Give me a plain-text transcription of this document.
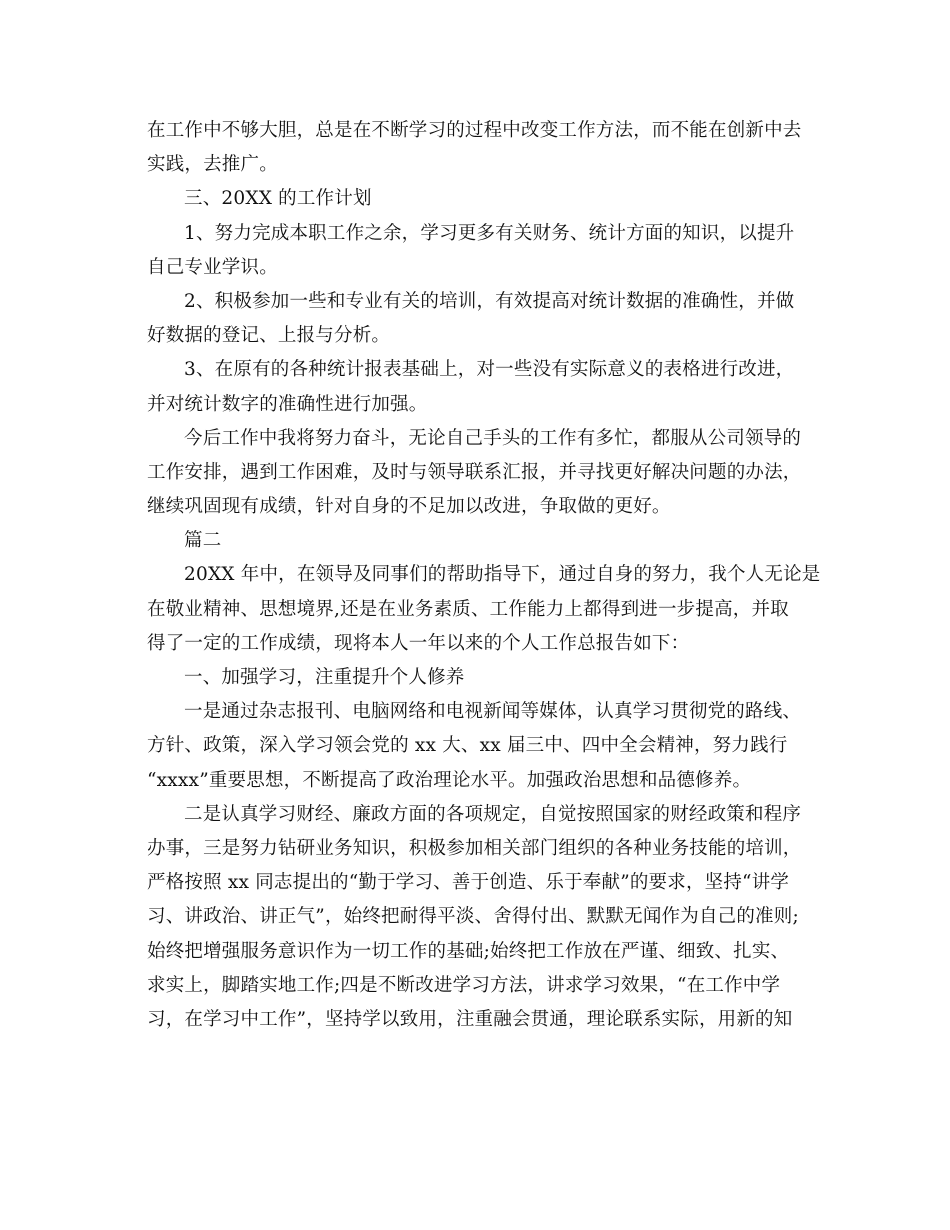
在工作中不够大胆，总是在不断学习的过程中改变工作方法，而不能在创新中去
实践，去推广。
三、20XX 的工作计划
1、努力完成本职工作之余，学习更多有关财务、统计方面的知识，以提升
自己专业学识。
2、积极参加一些和专业有关的培训，有效提高对统计数据的准确性，并做
好数据的登记、上报与分析。
3、在原有的各种统计报表基础上，对一些没有实际意义的表格进行改进，
并对统计数字的准确性进行加强。
今后工作中我将努力奋斗，无论自己手头的工作有多忙，都服从公司领导的
工作安排，遇到工作困难，及时与领导联系汇报，并寻找更好解决问题的办法，
继续巩固现有成绩，针对自身的不足加以改进，争取做的更好。
篇二
20XX 年中，在领导及同事们的帮助指导下，通过自身的努力，我个人无论是
在敬业精神、思想境界,还是在业务素质、工作能力上都得到进一步提高，并取
得了一定的工作成绩，现将本人一年以来的个人工作总报告如下：
一、加强学习，注重提升个人修养
一是通过杂志报刊、电脑网络和电视新闻等媒体，认真学习贯彻党的路线、
方针、政策，深入学习领会党的 xx 大、xx 届三中、四中全会精神，努力践行
“xxxx”重要思想，不断提高了政治理论水平。加强政治思想和品德修养。
二是认真学习财经、廉政方面的各项规定，自觉按照国家的财经政策和程序
办事，三是努力钻研业务知识，积极参加相关部门组织的各种业务技能的培训，
严格按照 xx 同志提出的“勤于学习、善于创造、乐于奉献”的要求，坚持“讲学
习、讲政治、讲正气”，始终把耐得平淡、舍得付出、默默无闻作为自己的准则;
始终把增强服务意识作为一切工作的基础;始终把工作放在严谨、细致、扎实、
求实上，脚踏实地工作;四是不断改进学习方法，讲求学习效果，“在工作中学
习，在学习中工作”，坚持学以致用，注重融会贯通，理论联系实际，用新的知
